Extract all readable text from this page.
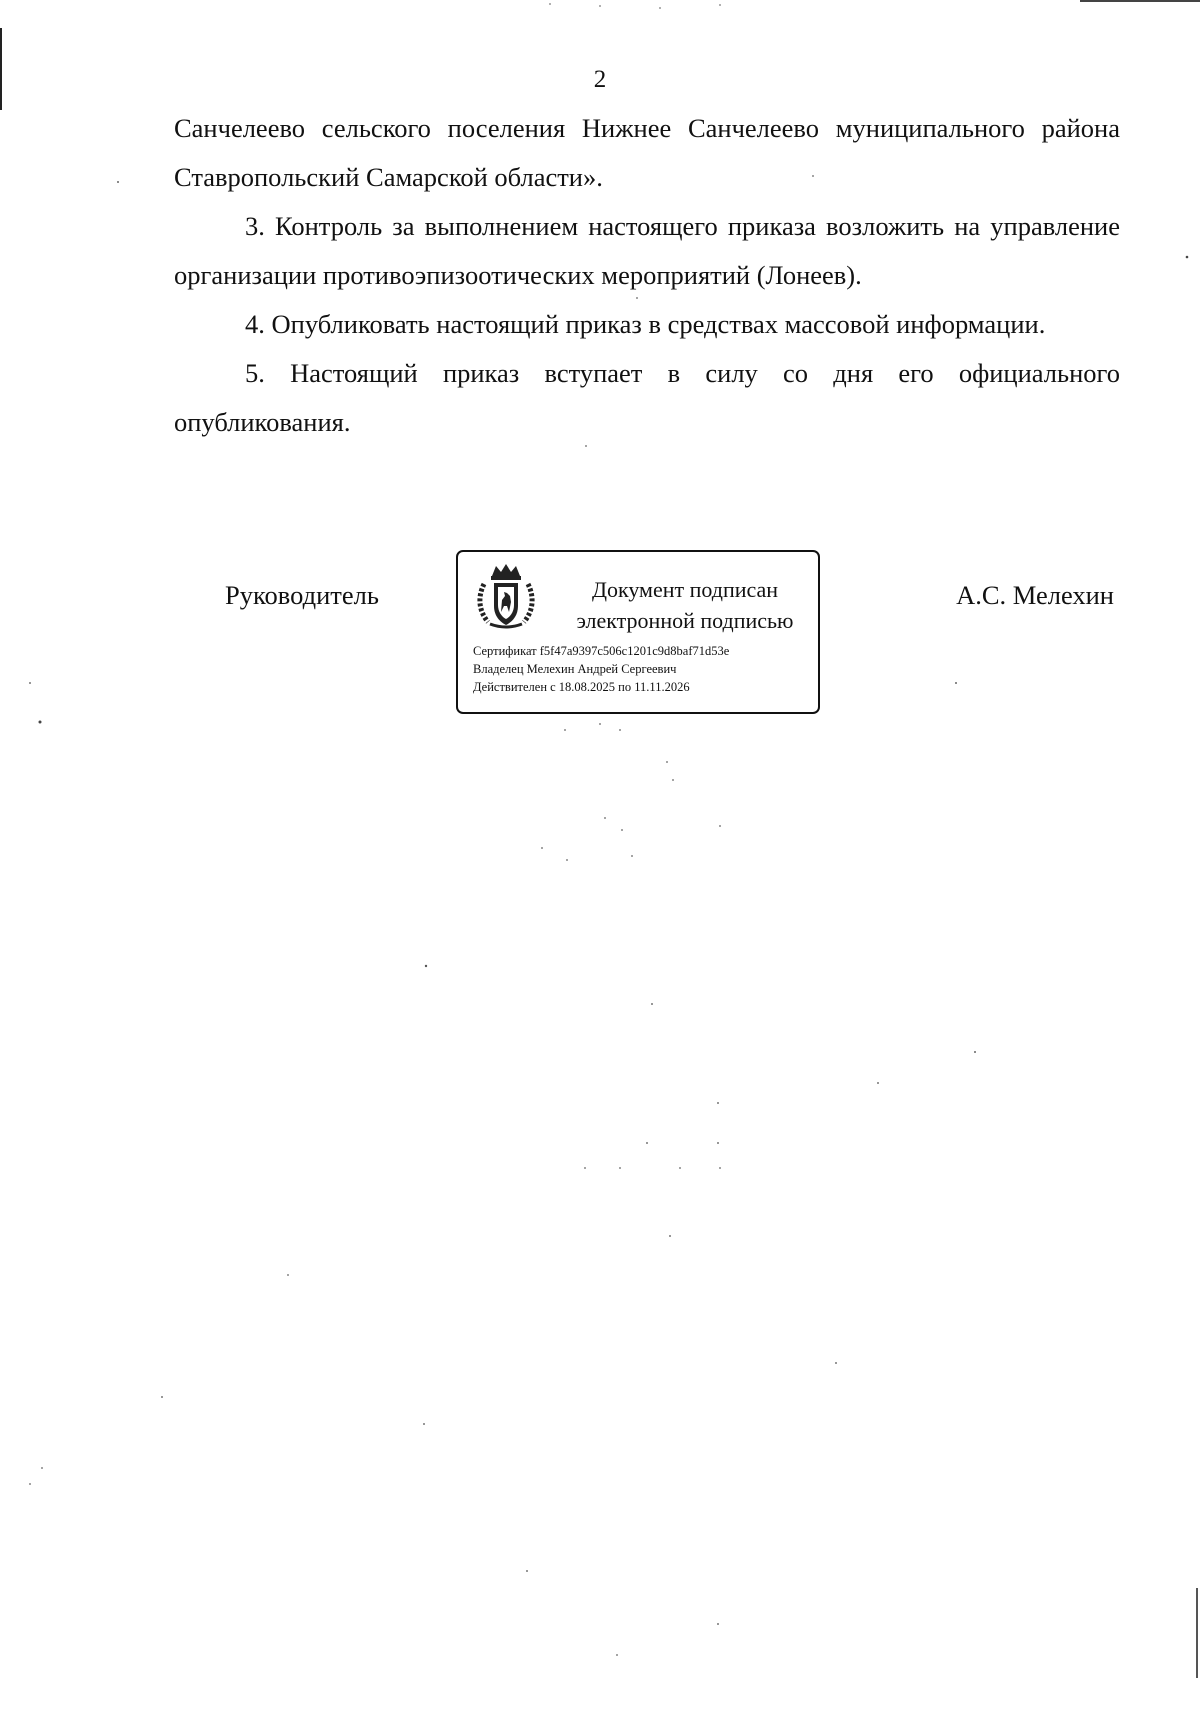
2

Санчелеево сельского поселения Нижнее Санчелеево муниципального района Ставропольский Самарской области».

3. Контроль за выполнением настоящего приказа возложить на управление организации противоэпизоотических мероприятий (Лонеев).

4. Опубликовать настоящий приказ в средствах массовой информации.

5. Настоящий приказ вступает в силу со дня его официального опубликования.

Руководитель	Документ подписан
электронной подписью
Сертификат f5f47a9397c506c1201c9d8baf71d53e
Владелец Мелехин Андрей Сергеевич
Действителен с 18.08.2025 по 11.11.2026
А.С. Мелехин
